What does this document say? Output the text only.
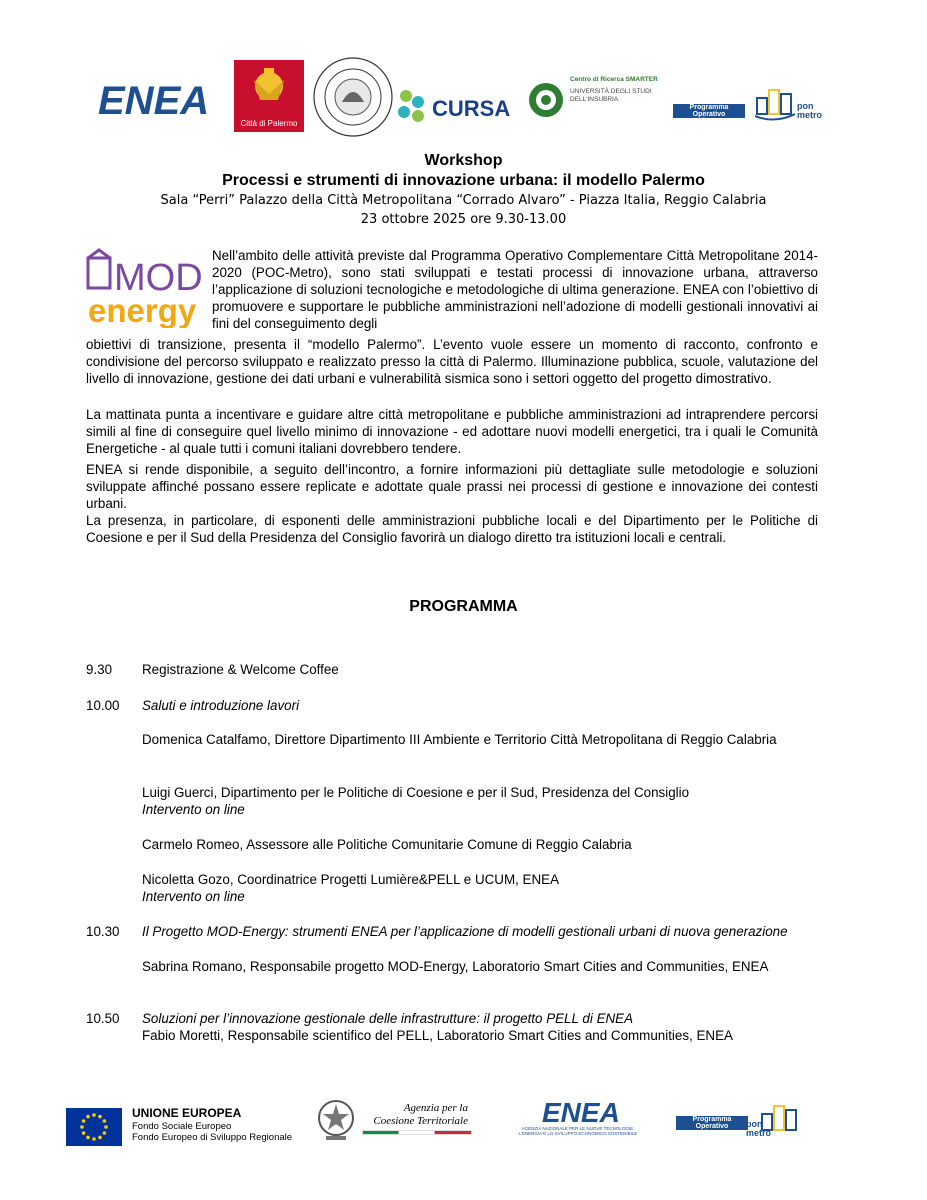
ENEA
Città di Palermo
CURSA
Centro di Ricerca SMARTER
UNIVERSITÀ DEGLI STUDI DELL'INSUBRIA
Programma Operativo
Complementare
pon
metro
Workshop
Processi e strumenti di innovazione urbana: il modello Palermo
Sala “Perri” Palazzo della Città Metropolitana “Corrado Alvaro” - Piazza Italia, Reggio Calabria
23 ottobre 2025 ore 9.30-13.00
MOD
energy
Nell’ambito delle attività previste dal Programma Operativo Complementare Città Metropolitane 2014-2020 (POC-Metro), sono stati sviluppati e testati processi di innovazione urbana, attraverso l’applicazione di soluzioni tecnologiche e metodologiche di ultima generazione. ENEA con l’obiettivo di promuovere e supportare le pubbliche amministrazioni nell’adozione di modelli gestionali innovativi ai fini del conseguimento degli
obiettivi di transizione, presenta il “modello Palermo”. L’evento vuole essere un momento di racconto, confronto e condivisione del percorso sviluppato e realizzato presso la città di Palermo. Illuminazione pubblica, scuole, valutazione del livello di innovazione, gestione dei dati urbani e vulnerabilità sismica sono i settori oggetto del progetto dimostrativo.
La mattinata punta a incentivare e guidare altre città metropolitane e pubbliche amministrazioni ad intraprendere percorsi simili al fine di conseguire quel livello minimo di innovazione - ed adottare nuovi modelli energetici, tra i quali le Comunità Energetiche - al quale tutti i comuni italiani dovrebbero tendere.
ENEA si rende disponibile, a seguito dell’incontro, a fornire informazioni più dettagliate sulle metodologie e soluzioni sviluppate affinché possano essere replicate e adottate quale prassi nei processi di gestione e innovazione dei contesti urbani.
La presenza, in particolare, di esponenti delle amministrazioni pubbliche locali e del Dipartimento per le Politiche di Coesione e per il Sud della Presidenza del Consiglio favorirà un dialogo diretto tra istituzioni locali e centrali.
PROGRAMMA
9.30 Registrazione & Welcome Coffee
10.00 Saluti e introduzione lavori
Domenica Catalfamo, Direttore Dipartimento III Ambiente e Territorio Città Metropolitana di Reggio Calabria
Luigi Guerci, Dipartimento per le Politiche di Coesione e per il Sud, Presidenza del Consiglio
Intervento on line
Carmelo Romeo, Assessore alle Politiche Comunitarie Comune di Reggio Calabria
Nicoletta Gozo, Coordinatrice Progetti Lumière&PELL e UCUM, ENEA
Intervento on line
10.30 Il Progetto MOD-Energy: strumenti ENEA per l’applicazione di modelli gestionali urbani di nuova generazione
Sabrina Romano, Responsabile progetto MOD-Energy, Laboratorio Smart Cities and Communities, ENEA
10.50 Soluzioni per l’innovazione gestionale delle infrastrutture: il progetto PELL di ENEA
Fabio Moretti, Responsabile scientifico del PELL, Laboratorio Smart Cities and Communities, ENEA
UNIONE EUROPEA
Fondo Sociale Europeo
Fondo Europeo di Sviluppo Regionale
Agenzia per la
Coesione Territoriale	ENEA
AGENZIA NAZIONALE PER LE NUOVE TECNOLOGIE, L'ENERGIA E LO SVILUPPO ECONOMICO SOSTENIBILE
Programma Operativo
Complementare
pon
metro
